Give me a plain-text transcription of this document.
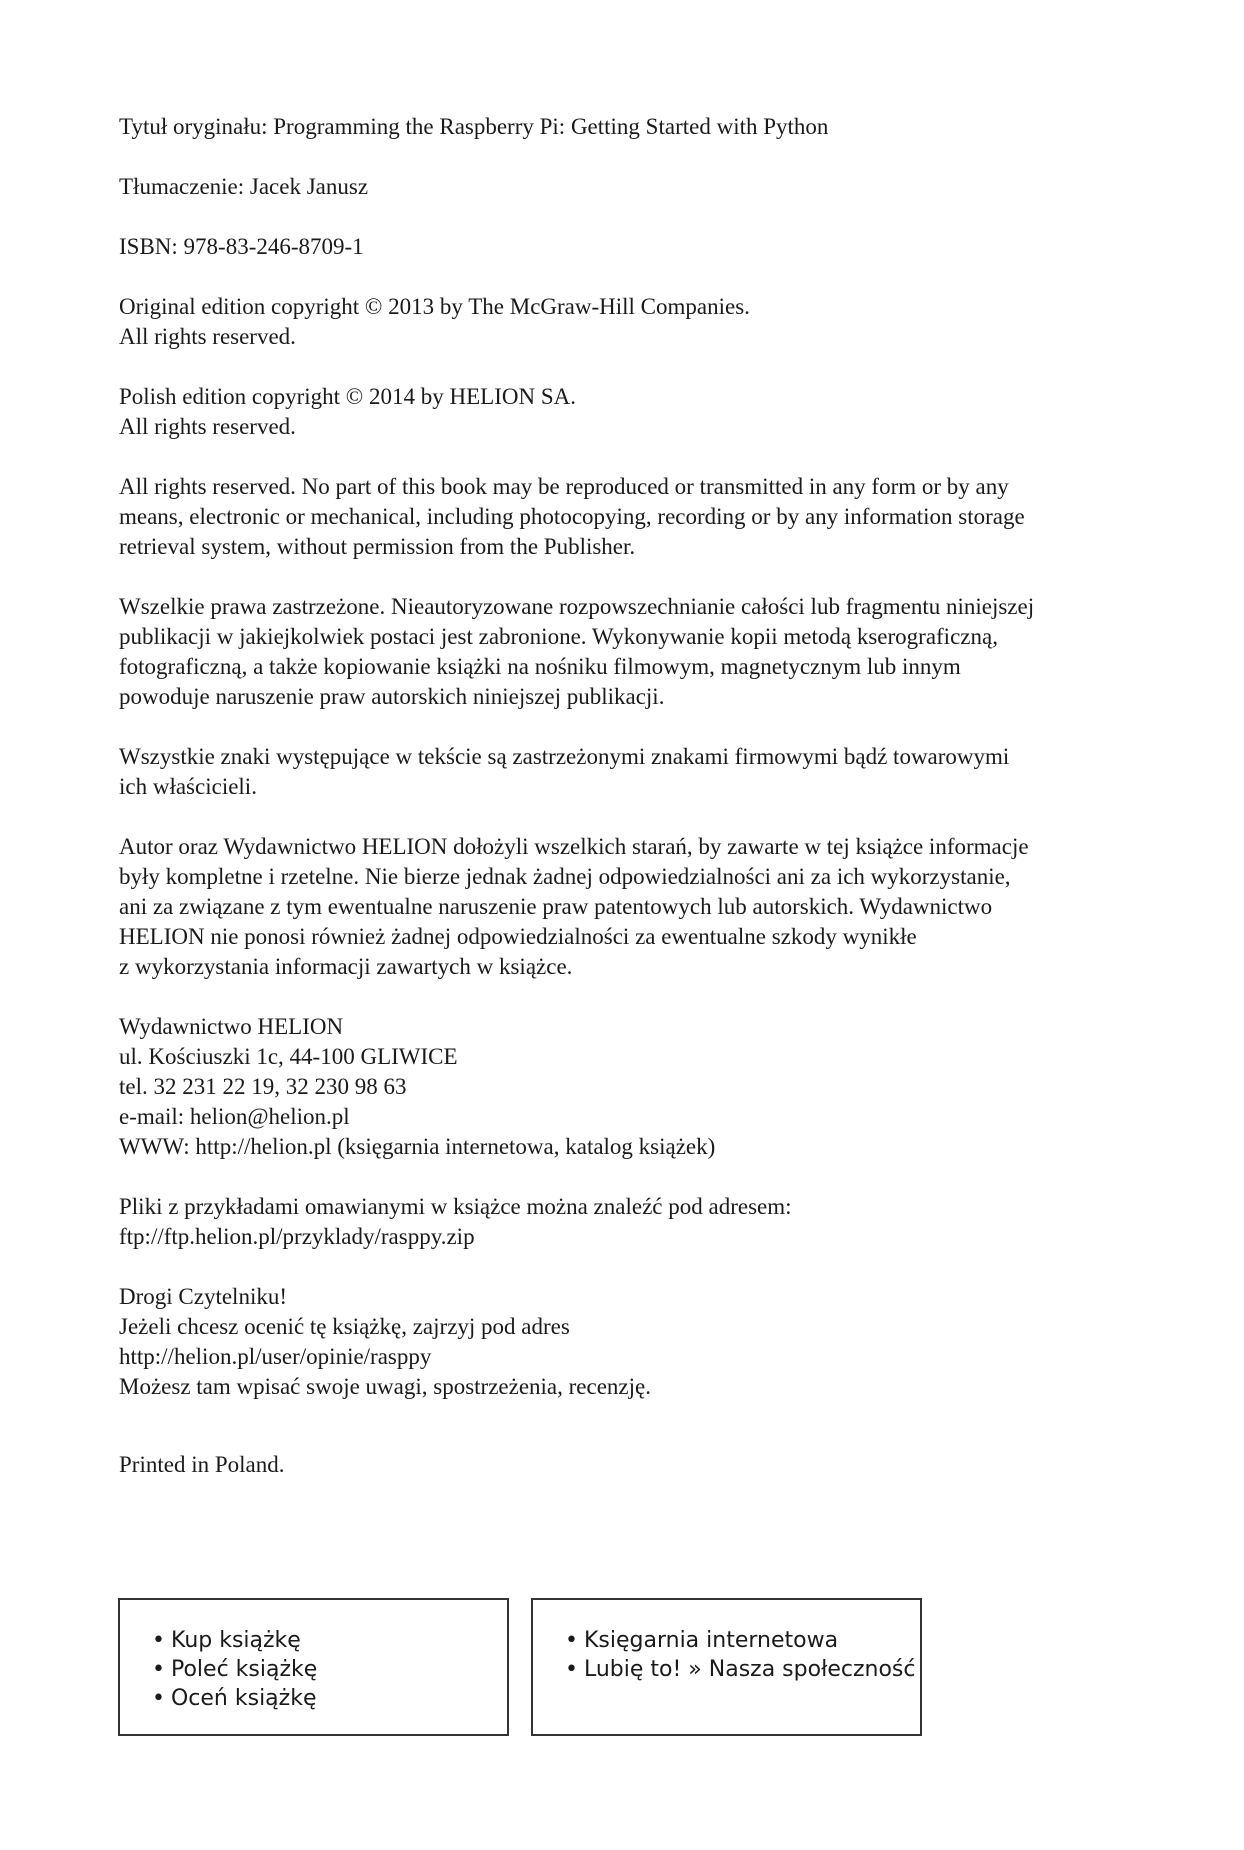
Tytuł oryginału: Programming the Raspberry Pi: Getting Started with Python

Tłumaczenie: Jacek Janusz

ISBN: 978-83-246-8709-1

Original edition copyright © 2013 by The McGraw-Hill Companies.
All rights reserved.

Polish edition copyright © 2014 by HELION SA.
All rights reserved.

All rights reserved. No part of this book may be reproduced or transmitted in any form or by any
means, electronic or mechanical, including photocopying, recording or by any information storage
retrieval system, without permission from the Publisher.

Wszelkie prawa zastrzeżone. Nieautoryzowane rozpowszechnianie całości lub fragmentu niniejszej
publikacji w jakiejkolwiek postaci jest zabronione. Wykonywanie kopii metodą kserograficzną,
fotograficzną, a także kopiowanie książki na nośniku filmowym, magnetycznym lub innym
powoduje naruszenie praw autorskich niniejszej publikacji.

Wszystkie znaki występujące w tekście są zastrzeżonymi znakami firmowymi bądź towarowymi
ich właścicieli.

Autor oraz Wydawnictwo HELION dołożyli wszelkich starań, by zawarte w tej książce informacje
były kompletne i rzetelne. Nie bierze jednak żadnej odpowiedzialności ani za ich wykorzystanie,
ani za związane z tym ewentualne naruszenie praw patentowych lub autorskich. Wydawnictwo
HELION nie ponosi również żadnej odpowiedzialności za ewentualne szkody wynikłe
z wykorzystania informacji zawartych w książce.

Wydawnictwo HELION
ul. Kościuszki 1c, 44-100 GLIWICE
tel. 32 231 22 19, 32 230 98 63
e-mail: helion@helion.pl
WWW: http://helion.pl (księgarnia internetowa, katalog książek)

Pliki z przykładami omawianymi w książce można znaleźć pod adresem:
ftp://ftp.helion.pl/przyklady/rasppy.zip

Drogi Czytelniku!
Jeżeli chcesz ocenić tę książkę, zajrzyj pod adres
http://helion.pl/user/opinie/rasppy
Możesz tam wpisać swoje uwagi, spostrzeżenia, recenzję.

Printed in Poland.

• Kup książkę
• Poleć książkę
• Oceń książkę
• Księgarnia internetowa
• Lubię to! » Nasza społeczność
